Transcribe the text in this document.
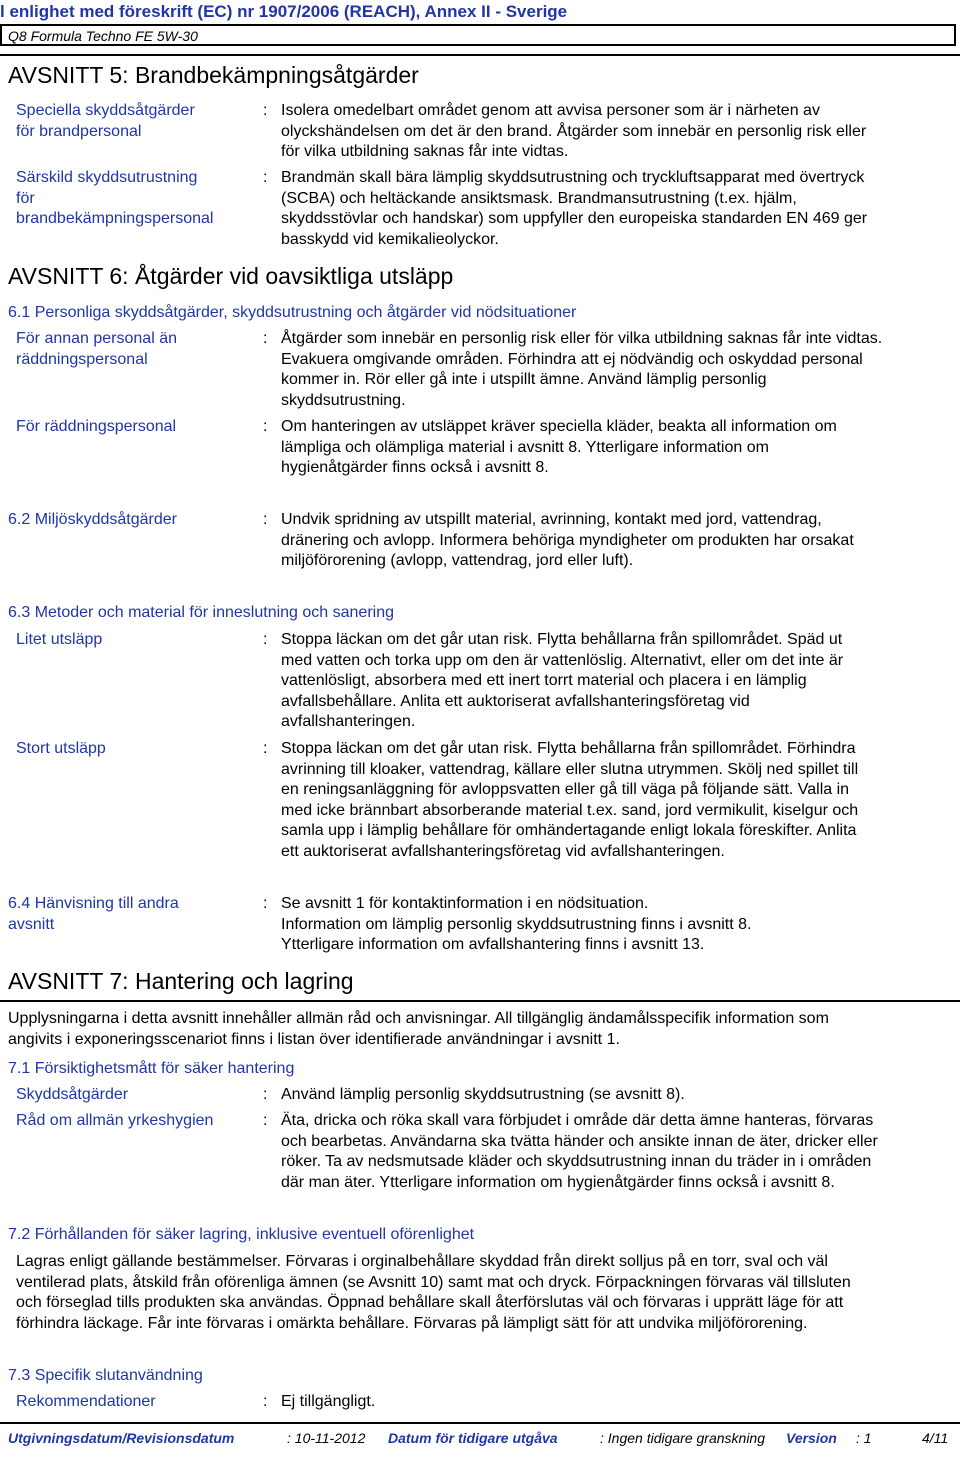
l enlighet med föreskrift (EC) nr 1907/2006 (REACH), Annex II - Sverige
Q8 Formula Techno FE 5W-30
AVSNITT 5: Brandbekämpningsåtgärder
Speciella skyddsåtgärder
för brandpersonal
: Isolera omedelbart området genom att avvisa personer som är i närheten av
olyckshändelsen om det är den brand. Åtgärder som innebär en personlig risk eller
för vilka utbildning saknas får inte vidtas.
Särskild skyddsutrustning
för
brandbekämpningspersonal
: Brandmän skall bära lämplig skyddsutrustning och tryckluftsapparat med övertryck
(SCBA) och heltäckande ansiktsmask. Brandmansutrustning (t.ex. hjälm,
skyddsstövlar och handskar) som uppfyller den europeiska standarden EN 469 ger
basskydd vid kemikalieolyckor.
AVSNITT 6: Åtgärder vid oavsiktliga utsläpp
6.1 Personliga skyddsåtgärder, skyddsutrustning och åtgärder vid nödsituationer
För annan personal än
räddningspersonal
: Åtgärder som innebär en personlig risk eller för vilka utbildning saknas får inte vidtas.
Evakuera omgivande områden. Förhindra att ej nödvändig och oskyddad personal
kommer in. Rör eller gå inte i utspillt ämne. Använd lämplig personlig
skyddsutrustning.
För räddningspersonal	: Om hanteringen av utsläppet kräver speciella kläder, beakta all information om
lämpliga och olämpliga material i avsnitt 8. Ytterligare information om
hygienåtgärder finns också i avsnitt 8.
6.2 Miljöskyddsåtgärder	: Undvik spridning av utspillt material, avrinning, kontakt med jord, vattendrag,
dränering och avlopp. Informera behöriga myndigheter om produkten har orsakat
miljöförorening (avlopp, vattendrag, jord eller luft).
6.3 Metoder och material för inneslutning och sanering
Litet utsläpp	: Stoppa läckan om det går utan risk. Flytta behållarna från spillområdet. Späd ut
med vatten och torka upp om den är vattenlöslig. Alternativt, eller om det inte är
vattenlösligt, absorbera med ett inert torrt material och placera i en lämplig
avfallsbehållare. Anlita ett auktoriserat avfallshanteringsföretag vid
avfallshanteringen.
Stort utsläpp	: Stoppa läckan om det går utan risk. Flytta behållarna från spillområdet. Förhindra
avrinning till kloaker, vattendrag, källare eller slutna utrymmen. Skölj ned spillet till
en reningsanläggning för avloppsvatten eller gå till väga på följande sätt. Valla in
med icke brännbart absorberande material t.ex. sand, jord vermikulit, kiselgur och
samla upp i lämplig behållare för omhändertagande enligt lokala föreskifter. Anlita
ett auktoriserat avfallshanteringsföretag vid avfallshanteringen.
6.4 Hänvisning till andra
avsnitt
: Se avsnitt 1 för kontaktinformation i en nödsituation.
Information om lämplig personlig skyddsutrustning finns i avsnitt 8.
Ytterligare information om avfallshantering finns i avsnitt 13.
AVSNITT 7: Hantering och lagring
Upplysningarna i detta avsnitt innehåller allmän råd och anvisningar. All tillgänglig ändamålsspecifik information som
angivits i exponeringsscenariot finns i listan över identifierade användningar i avsnitt 1.
7.1 Försiktighetsmått för säker hantering
Skyddsåtgärder	: Använd lämplig personlig skyddsutrustning (se avsnitt 8).
Råd om allmän yrkeshygien	: Äta, dricka och röka skall vara förbjudet i område där detta ämne hanteras, förvaras
och bearbetas. Användarna ska tvätta händer och ansikte innan de äter, dricker eller
röker. Ta av nedsmutsade kläder och skyddsutrustning innan du träder in i områden
där man äter. Ytterligare information om hygienåtgärder finns också i avsnitt 8.
7.2 Förhållanden för säker lagring, inklusive eventuell oförenlighet
Lagras enligt gällande bestämmelser. Förvaras i orginalbehållare skyddad från direkt solljus på en torr, sval och väl
ventilerad plats, åtskild från oförenliga ämnen (se Avsnitt 10) samt mat och dryck. Förpackningen förvaras väl tillsluten
och förseglad tills produkten ska användas. Öppnad behållare skall återförslutas väl och förvaras i upprätt läge för att
förhindra läckage. Får inte förvaras i omärkta behållare. Förvaras på lämpligt sätt för att undvika miljöförorening.
7.3 Specifik slutanvändning
Rekommendationer	: Ej tillgängligt.
Utgivningsdatum/Revisionsdatum	: 10-11-2012 Datum för tidigare utgåva	: Ingen tidigare granskning Version : 1	4/11
